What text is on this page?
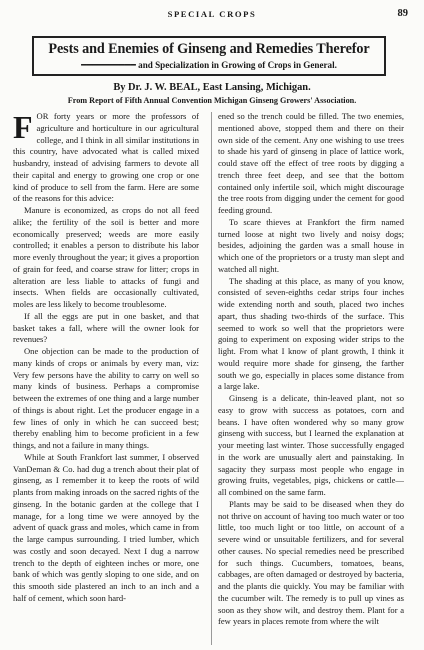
SPECIAL CROPS	89
Pests and Enemies of Ginseng and Remedies Therefor
━━━━━━━━━━ and Specialization in Growing of Crops in General.
By Dr. J. W. BEAL, East Lansing, Michigan.
From Report of Fifth Annual Convention Michigan Ginseng Growers' Association.

FOR forty years or more the professors of agriculture and horticulture in our agricultural college, and I think in all similar institutions in this country, have advocated what is called mixed husbandry, instead of advising farmers to devote all their capital and energy to growing one crop or one kind of produce to sell from the farm. Here are some of the reasons for this advice:

Manure is economized, as crops do not all feed alike; the fertility of the soil is better and more economically preserved; weeds are more easily controlled; it enables a person to distribute his labor more evenly throughout the year; it gives a proportion of grain for feed, and coarse straw for litter; crops in alteration are less liable to attacks of fungi and insects. When fields are occasionally cultivated, moles are less likely to become troublesome.

If all the eggs are put in one basket, and that basket takes a fall, where will the owner look for revenues?

One objection can be made to the production of many kinds of crops or animals by every man, viz: Very few persons have the ability to carry on well so many kinds of business. Perhaps a compromise between the extremes of one thing and a large number of things is about right. Let the producer engage in a few lines of only in which he can succeed best; thereby enabling him to become proficient in a few things, and not a failure in many things.

While at South Frankfort last summer, I observed VanDeman & Co. had dug a trench about their plat of ginseng, as I remember it to keep the roots of wild plants from making inroads on the sacred rights of the ginseng. In the botanic garden at the college that I manage, for a long time we were annoyed by the advent of quack grass and moles, which came in from the large campus surrounding. I tried lumber, which was costly and soon decayed. Next I dug a narrow trench to the depth of eighteen inches or more, one bank of which was gently sloping to one side, and on this smooth side plastered an inch to an inch and a half of cement, which soon hard-

ened so the trench could be filled. The two enemies, mentioned above, stopped them and there on their own side of the cement. Any one wishing to use trees to shade his yard of ginseng in place of lattice work, could stave off the effect of tree roots by digging a trench three feet deep, and see that the bottom contained only infertile soil, which might discourage the tree roots from digging under the cement for good feeding ground.

To scare thieves at Frankfort the firm named turned loose at night two lively and noisy dogs; besides, adjoining the garden was a small house in which one of the proprietors or a trusty man slept and watched all night.

The shading at this place, as many of you know, consisted of seven-eighths cedar strips four inches wide extending north and south, placed two inches apart, thus shading two-thirds of the surface. This seemed to work so well that the proprietors were going to experiment on exposing wider strips to the light. From what I know of plant growth, I think it would require more shade for ginseng, the farther south we go, especially in places some distance from a large lake.

Ginseng is a delicate, thin-leaved plant, not so easy to grow with success as potatoes, corn and beans. I have often wondered why so many grow ginseng with success, but I learned the explanation at your meeting last winter. Those successfully engaged in the work are unusually alert and painstaking. In sagacity they surpass most people who engage in growing fruits, vegetables, pigs, chickens or cattle—all combined on the same farm.

Plants may be said to be diseased when they do not thrive on account of having too much water or too little, too much light or too little, on account of a severe wind or unsuitable fertilizers, and for several other causes. No special remedies need be prescribed for such things. Cucumbers, tomatoes, beans, cabbages, are often damaged or destroyed by bacteria, and the plants die quickly. You may be familiar with the cucumber wilt. The remedy is to pull up vines as soon as they show wilt, and destroy them. Plant for a few years in places remote from where the wilt
